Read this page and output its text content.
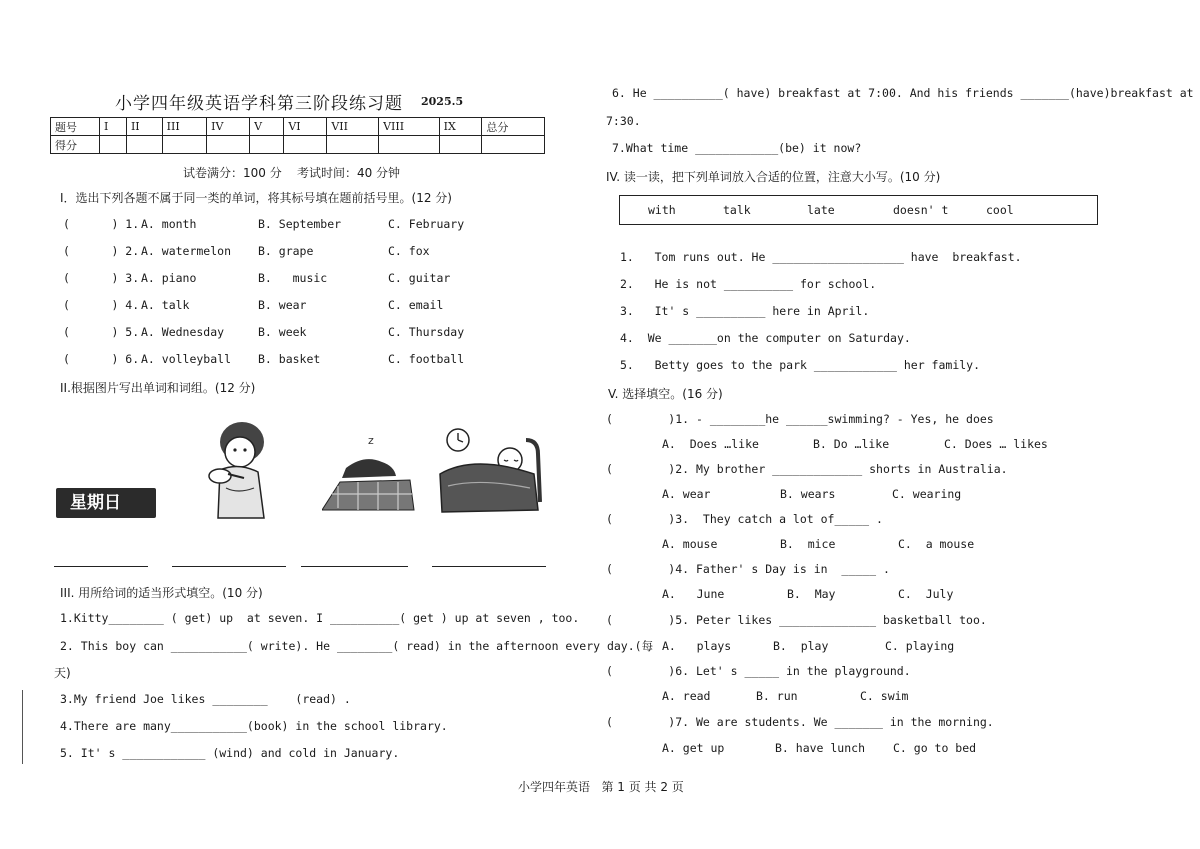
小学四年级英语学科第三阶段练习题 2025.5
题号	I	II	III	IV	V	VI	VII	VIII	IX	总分
得分										
试卷满分：100 分    考试时间：40 分钟
I．选出下列各题不属于同一类的单词，将其标号填在题前括号里。(12 分)
(      ) 1. A. month	B. September	C. February
(      ) 2. A. watermelon B. grape	C. fox
(      ) 3. A. piano	B.   music	C. guitar
(      ) 4. A. talk	B. wear	C. email
(      ) 5. A. Wednesday	B. week	C. Thursday
(      ) 6. A. volleyball B. basket	C. football
II.根据图片写出单词和词组。(12 分)
星期日
z
III. 用所给词的适当形式填空。(10 分)
1.Kitty________ ( get) up  at seven. I __________( get ) up at seven , too.
2. This boy can ___________( write). He ________( read) in the afternoon every day.(每
天)
3.My friend Joe likes ________    (read) .
4.There are many___________(book) in the school library.
5. It' s ____________ (wind) and cold in January.
6. He __________( have) breakfast at 7:00. And his friends _______(have)breakfast at
7:30.
7.What time ____________(be) it now?
IV. 读一读，把下列单词放入合适的位置，注意大小写。(10 分)
with	talk	late	doesn' t	cool
1.   Tom runs out. He ___________________ have  breakfast.
2.   He is not __________ for school.
3.   It' s __________ here in April.
4.  We _______on the computer on Saturday.
5.   Betty goes to the park ____________ her family.
V. 选择填空。(16 分)
(        )1. - ________he ______swimming? - Yes, he does
A.  Does …like	B. Do …like	C. Does … likes
(        )2. My brother _____________ shorts in Australia.
A. wear	B. wears	C. wearing
(        )3.  They catch a lot of_____ .
A. mouse	B.  mice	C.  a mouse
(        )4. Father' s Day is in  _____ .
A.   June	B.  May	C.  July
(        )5. Peter likes ______________ basketball too.
A.   plays	B.  play	C. playing
(        )6. Let' s _____ in the playground.
A. read	B. run	C. swim
(        )7. We are students. We _______ in the morning.
A. get up	B. have lunch C. go to bed
小学四年英语   第 1 页 共 2 页
